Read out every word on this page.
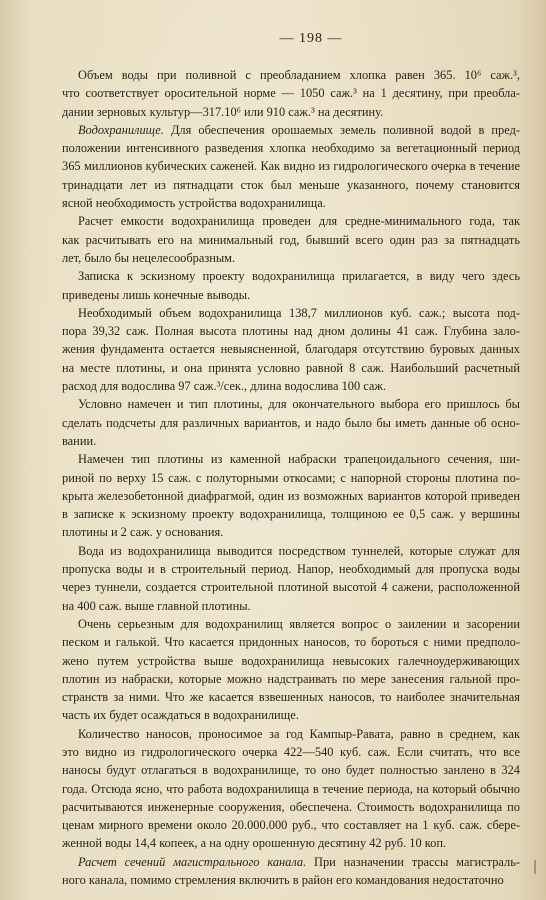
— 198 —
Объем воды при поливной с преобладанием хлопка равен 365. 10⁶ саж.³,
что соответствует оросительной норме — 1050 саж.³ на 1 десятину, при преобла-
дании зерновых культур—317.10⁶ или 910 саж.³ на десятину.
Водохранилище. Для обеспечения орошаемых земель поливной водой в пред-
положении интенсивного разведения хлопка необходимо за вегетационный период
365 миллионов кубических саженей. Как видно из гидрологического очерка в течение
тринадцати лет из пятнадцати сток был меньше указанного, почему становится
ясной необходимость устройства водохранилища.
Расчет емкости водохранилища проведен для средне-минимального года, так
как расчитывать его на минимальный год, бывший всего один раз за пятнадцать
лет, было бы нецелесообразным.
Записка к эскизному проекту водохранилища прилагается, в виду чего здесь
приведены лишь конечные выводы.
Необходимый объем водохранилища 138,7 миллионов куб. саж.; высота под-
пора 39,32 саж. Полная высота плотины над дном долины 41 саж. Глубина зало-
жения фундамента остается невыясненной, благодаря отсутствию буровых данных
на месте плотины, и она принята условно равной 8 саж. Наибольший расчетный
расход для водослива 97 саж.³/сек., длина водослива 100 саж.
Условно намечен и тип плотины, для окончательного выбора его пришлось бы
сделать подсчеты для различных вариантов, и надо было бы иметь данные об осно-
вании.
Намечен тип плотины из каменной набраски трапецоидального сечения, ши-
риной по верху 15 саж. с полуторными откосами; с напорной стороны плотина по-
крыта железобетонной диафрагмой, один из возможных вариантов которой приведен
в записке к эскизному проекту водохранилища, толщиною ее 0,5 саж. у вершины
плотины и 2 саж. у основания.
Вода из водохранилища выводится посредством туннелей, которые служат для
пропуска воды и в строительный период. Напор, необходимый для пропуска воды
через туннели, создается строительной плотиной высотой 4 сажени, расположенной
на 400 саж. выше главной плотины.
Очень серьезным для водохранилищ является вопрос о заилении и засорении
песком и галькой. Что касается придонных наносов, то бороться с ними предполо-
жено путем устройства выше водохранилища невысоких галечноудерживающих
плотин из набраски, которые можно надстраивать по мере занесения гальной про-
странств за ними. Что же касается взвешенных наносов, то наиболее значительная
часть их будет осаждаться в водохранилище.
Количество наносов, проносимое за год Кампыр-Равата, равно в среднем, как
это видно из гидрологического очерка 422—540 куб. саж. Если считать, что все
наносы будут отлагаться в водохранилище, то оно будет полностью занлено в 324
года. Отсюда ясно, что работа водохранилища в течение периода, на который обычно
расчитываются инженерные сооружения, обеспечена. Стоимость водохранилища по
ценам мирного времени около 20.000.000 руб., что составляет на 1 куб. саж. сбере-
женной воды 14,4 копеек, а на одну орошенную десятину 42 руб. 10 коп.
Расчет сечений магистрального канала. При назначении трассы магистраль-
ного канала, помимо стремления включить в район его командования недостаточно
